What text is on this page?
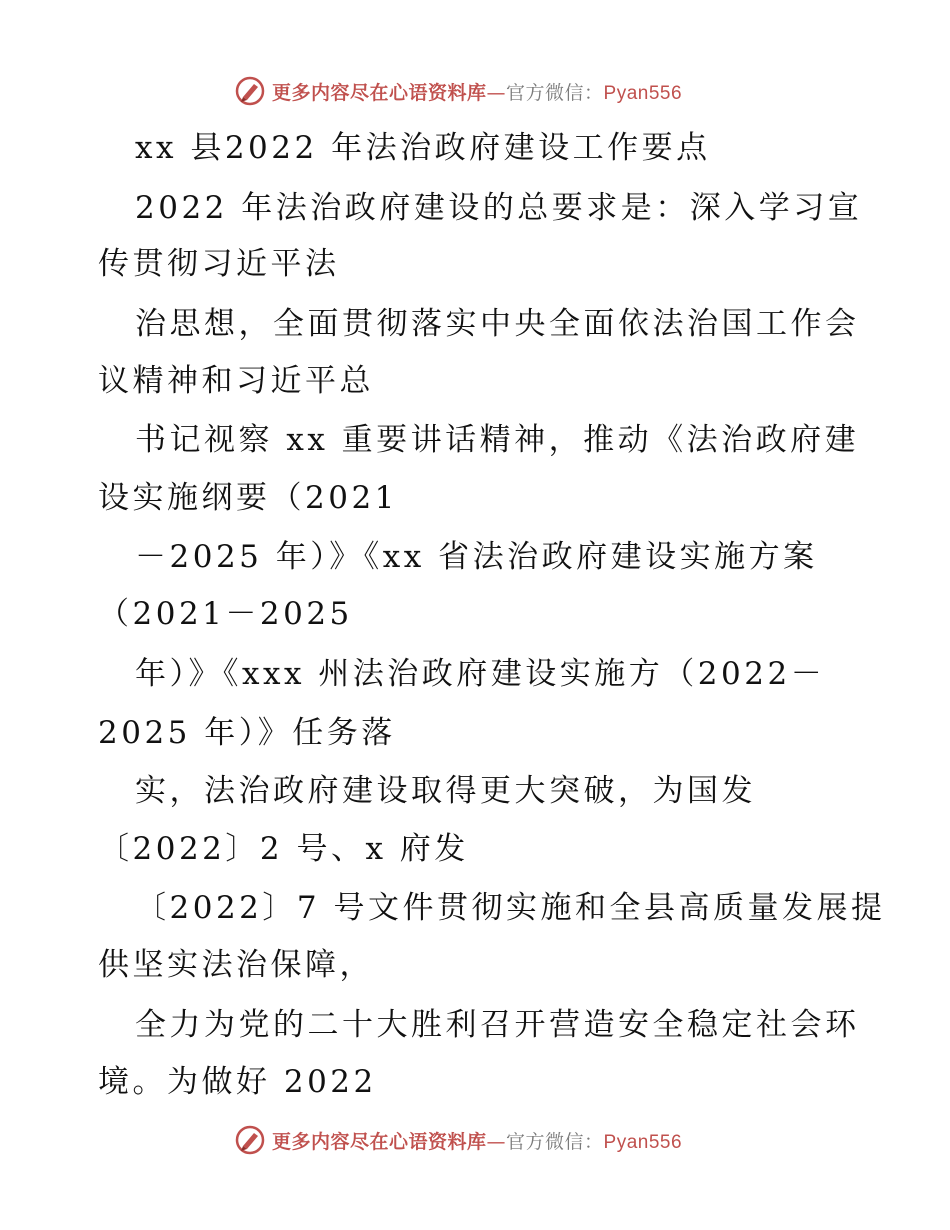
更多内容尽在心语资料库—官方微信：Pyan556
xx 县2022 年法治政府建设工作要点
2022 年法治政府建设的总要求是：深入学习宣
传贯彻习近平法
治思想，全面贯彻落实中央全面依法治国工作会
议精神和习近平总
书记视察 xx 重要讲话精神，推动《法治政府建
设实施纲要（2021
－2025 年）》《xx 省法治政府建设实施方案
（2021－2025
年）》《xxx 州法治政府建设实施方（2022－
2025 年）》任务落
实，法治政府建设取得更大突破，为国发
〔2022〕2 号、x 府发
〔2022〕7 号文件贯彻实施和全县高质量发展提
供坚实法治保障，
全力为党的二十大胜利召开营造安全稳定社会环
境。为做好 2022
更多内容尽在心语资料库—官方微信：Pyan556
